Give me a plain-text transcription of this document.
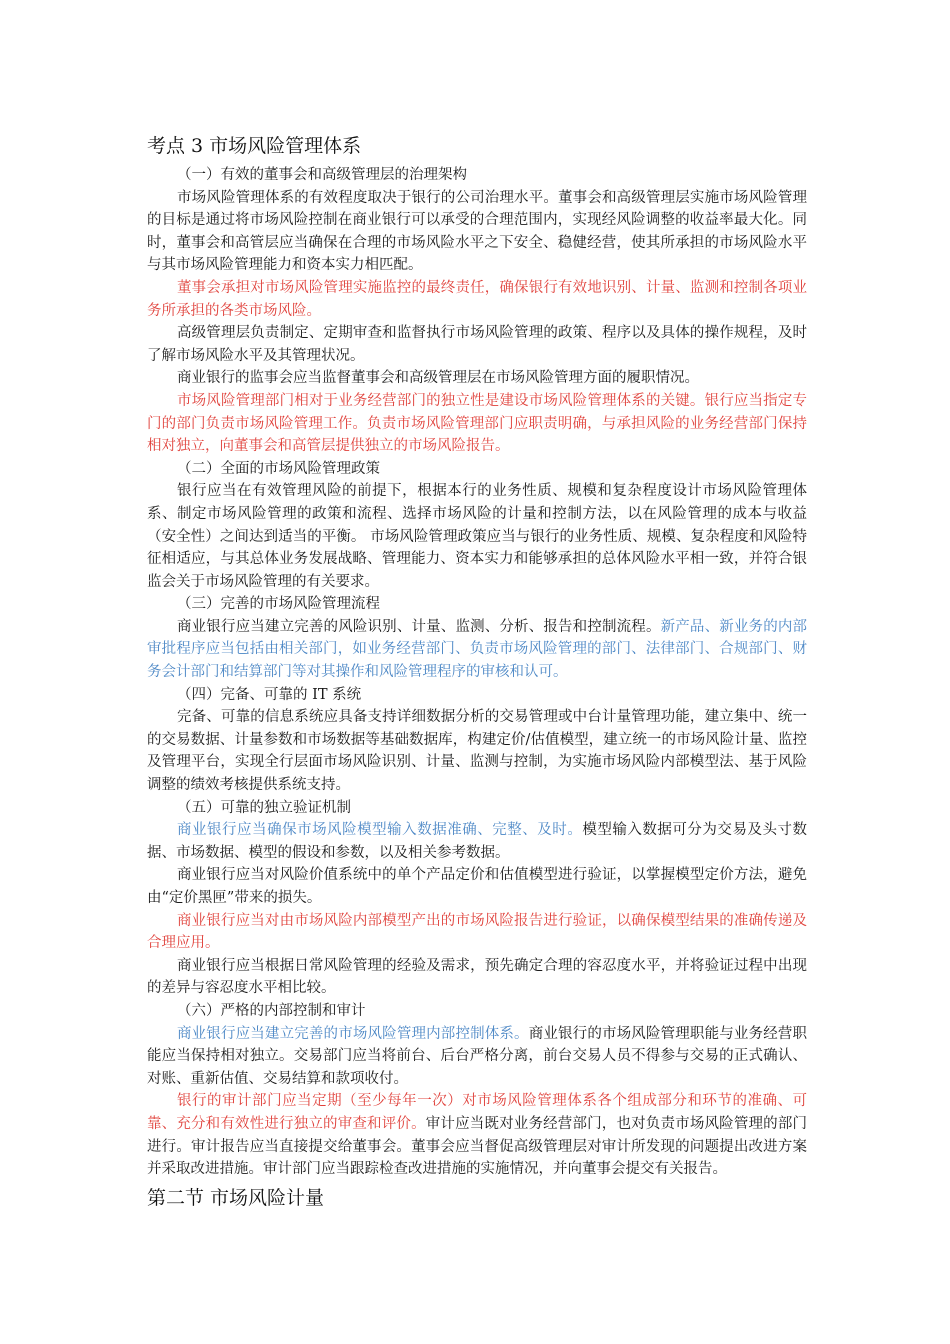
考点 3 市场风险管理体系

（一）有效的董事会和高级管理层的治理架构

市场风险管理体系的有效程度取决于银行的公司治理水平。董事会和高级管理层实施市场风险管理的目标是通过将市场风险控制在商业银行可以承受的合理范围内，实现经风险调整的收益率最大化。同时，董事会和高管层应当确保在合理的市场风险水平之下安全、稳健经营，使其所承担的市场风险水平与其市场风险管理能力和资本实力相匹配。

董事会承担对市场风险管理实施监控的最终责任，确保银行有效地识别、计量、监测和控制各项业务所承担的各类市场风险。

高级管理层负责制定、定期审查和监督执行市场风险管理的政策、程序以及具体的操作规程，及时了解市场风险水平及其管理状况。

商业银行的监事会应当监督董事会和高级管理层在市场风险管理方面的履职情况。

市场风险管理部门相对于业务经营部门的独立性是建设市场风险管理体系的关键。银行应当指定专门的部门负责市场风险管理工作。负责市场风险管理部门应职责明确，与承担风险的业务经营部门保持相对独立，向董事会和高管层提供独立的市场风险报告。

（二）全面的市场风险管理政策

银行应当在有效管理风险的前提下，根据本行的业务性质、规模和复杂程度设计市场风险管理体系、制定市场风险管理的政策和流程、选择市场风险的计量和控制方法，以在风险管理的成本与收益（安全性）之间达到适当的平衡。 市场风险管理政策应当与银行的业务性质、规模、复杂程度和风险特征相适应，与其总体业务发展战略、管理能力、资本实力和能够承担的总体风险水平相一致，并符合银监会关于市场风险管理的有关要求。

（三）完善的市场风险管理流程

商业银行应当建立完善的风险识别、计量、监测、分析、报告和控制流程。新产品、新业务的内部审批程序应当包括由相关部门，如业务经营部门、负责市场风险管理的部门、法律部门、合规部门、财务会计部门和结算部门等对其操作和风险管理程序的审核和认可。

（四）完备、可靠的 IT 系统

完备、可靠的信息系统应具备支持详细数据分析的交易管理或中台计量管理功能，建立集中、统一的交易数据、计量参数和市场数据等基础数据库，构建定价/估值模型，建立统一的市场风险计量、监控及管理平台，实现全行层面市场风险识别、计量、监测与控制，为实施市场风险内部模型法、基于风险调整的绩效考核提供系统支持。

（五）可靠的独立验证机制

商业银行应当确保市场风险模型输入数据准确、完整、及时。模型输入数据可分为交易及头寸数据、市场数据、模型的假设和参数，以及相关参考数据。

商业银行应当对风险价值系统中的单个产品定价和估值模型进行验证，以掌握模型定价方法，避免由“定价黑匣”带来的损失。

商业银行应当对由市场风险内部模型产出的市场风险报告进行验证，以确保模型结果的准确传递及合理应用。

商业银行应当根据日常风险管理的经验及需求，预先确定合理的容忍度水平，并将验证过程中出现的差异与容忍度水平相比较。

（六）严格的内部控制和审计

商业银行应当建立完善的市场风险管理内部控制体系。商业银行的市场风险管理职能与业务经营职能应当保持相对独立。交易部门应当将前台、后台严格分离，前台交易人员不得参与交易的正式确认、对账、重新估值、交易结算和款项收付。

银行的审计部门应当定期（至少每年一次）对市场风险管理体系各个组成部分和环节的准确、可靠、充分和有效性进行独立的审查和评价。审计应当既对业务经营部门，也对负责市场风险管理的部门进行。审计报告应当直接提交给董事会。董事会应当督促高级管理层对审计所发现的问题提出改进方案并采取改进措施。审计部门应当跟踪检查改进措施的实施情况，并向董事会提交有关报告。

第二节 市场风险计量
